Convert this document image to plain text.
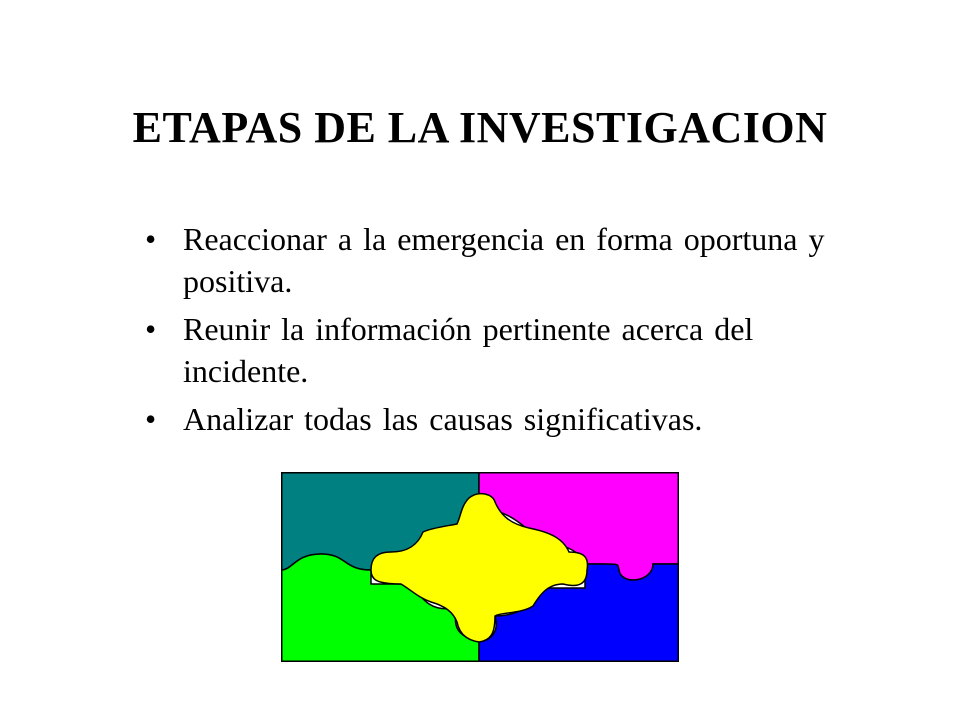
ETAPAS DE LA INVESTIGACION
• Reaccionar a la emergencia en forma oportuna y positiva.
• Reunir la información pertinente acerca del incidente.
• Analizar todas las causas significativas.
